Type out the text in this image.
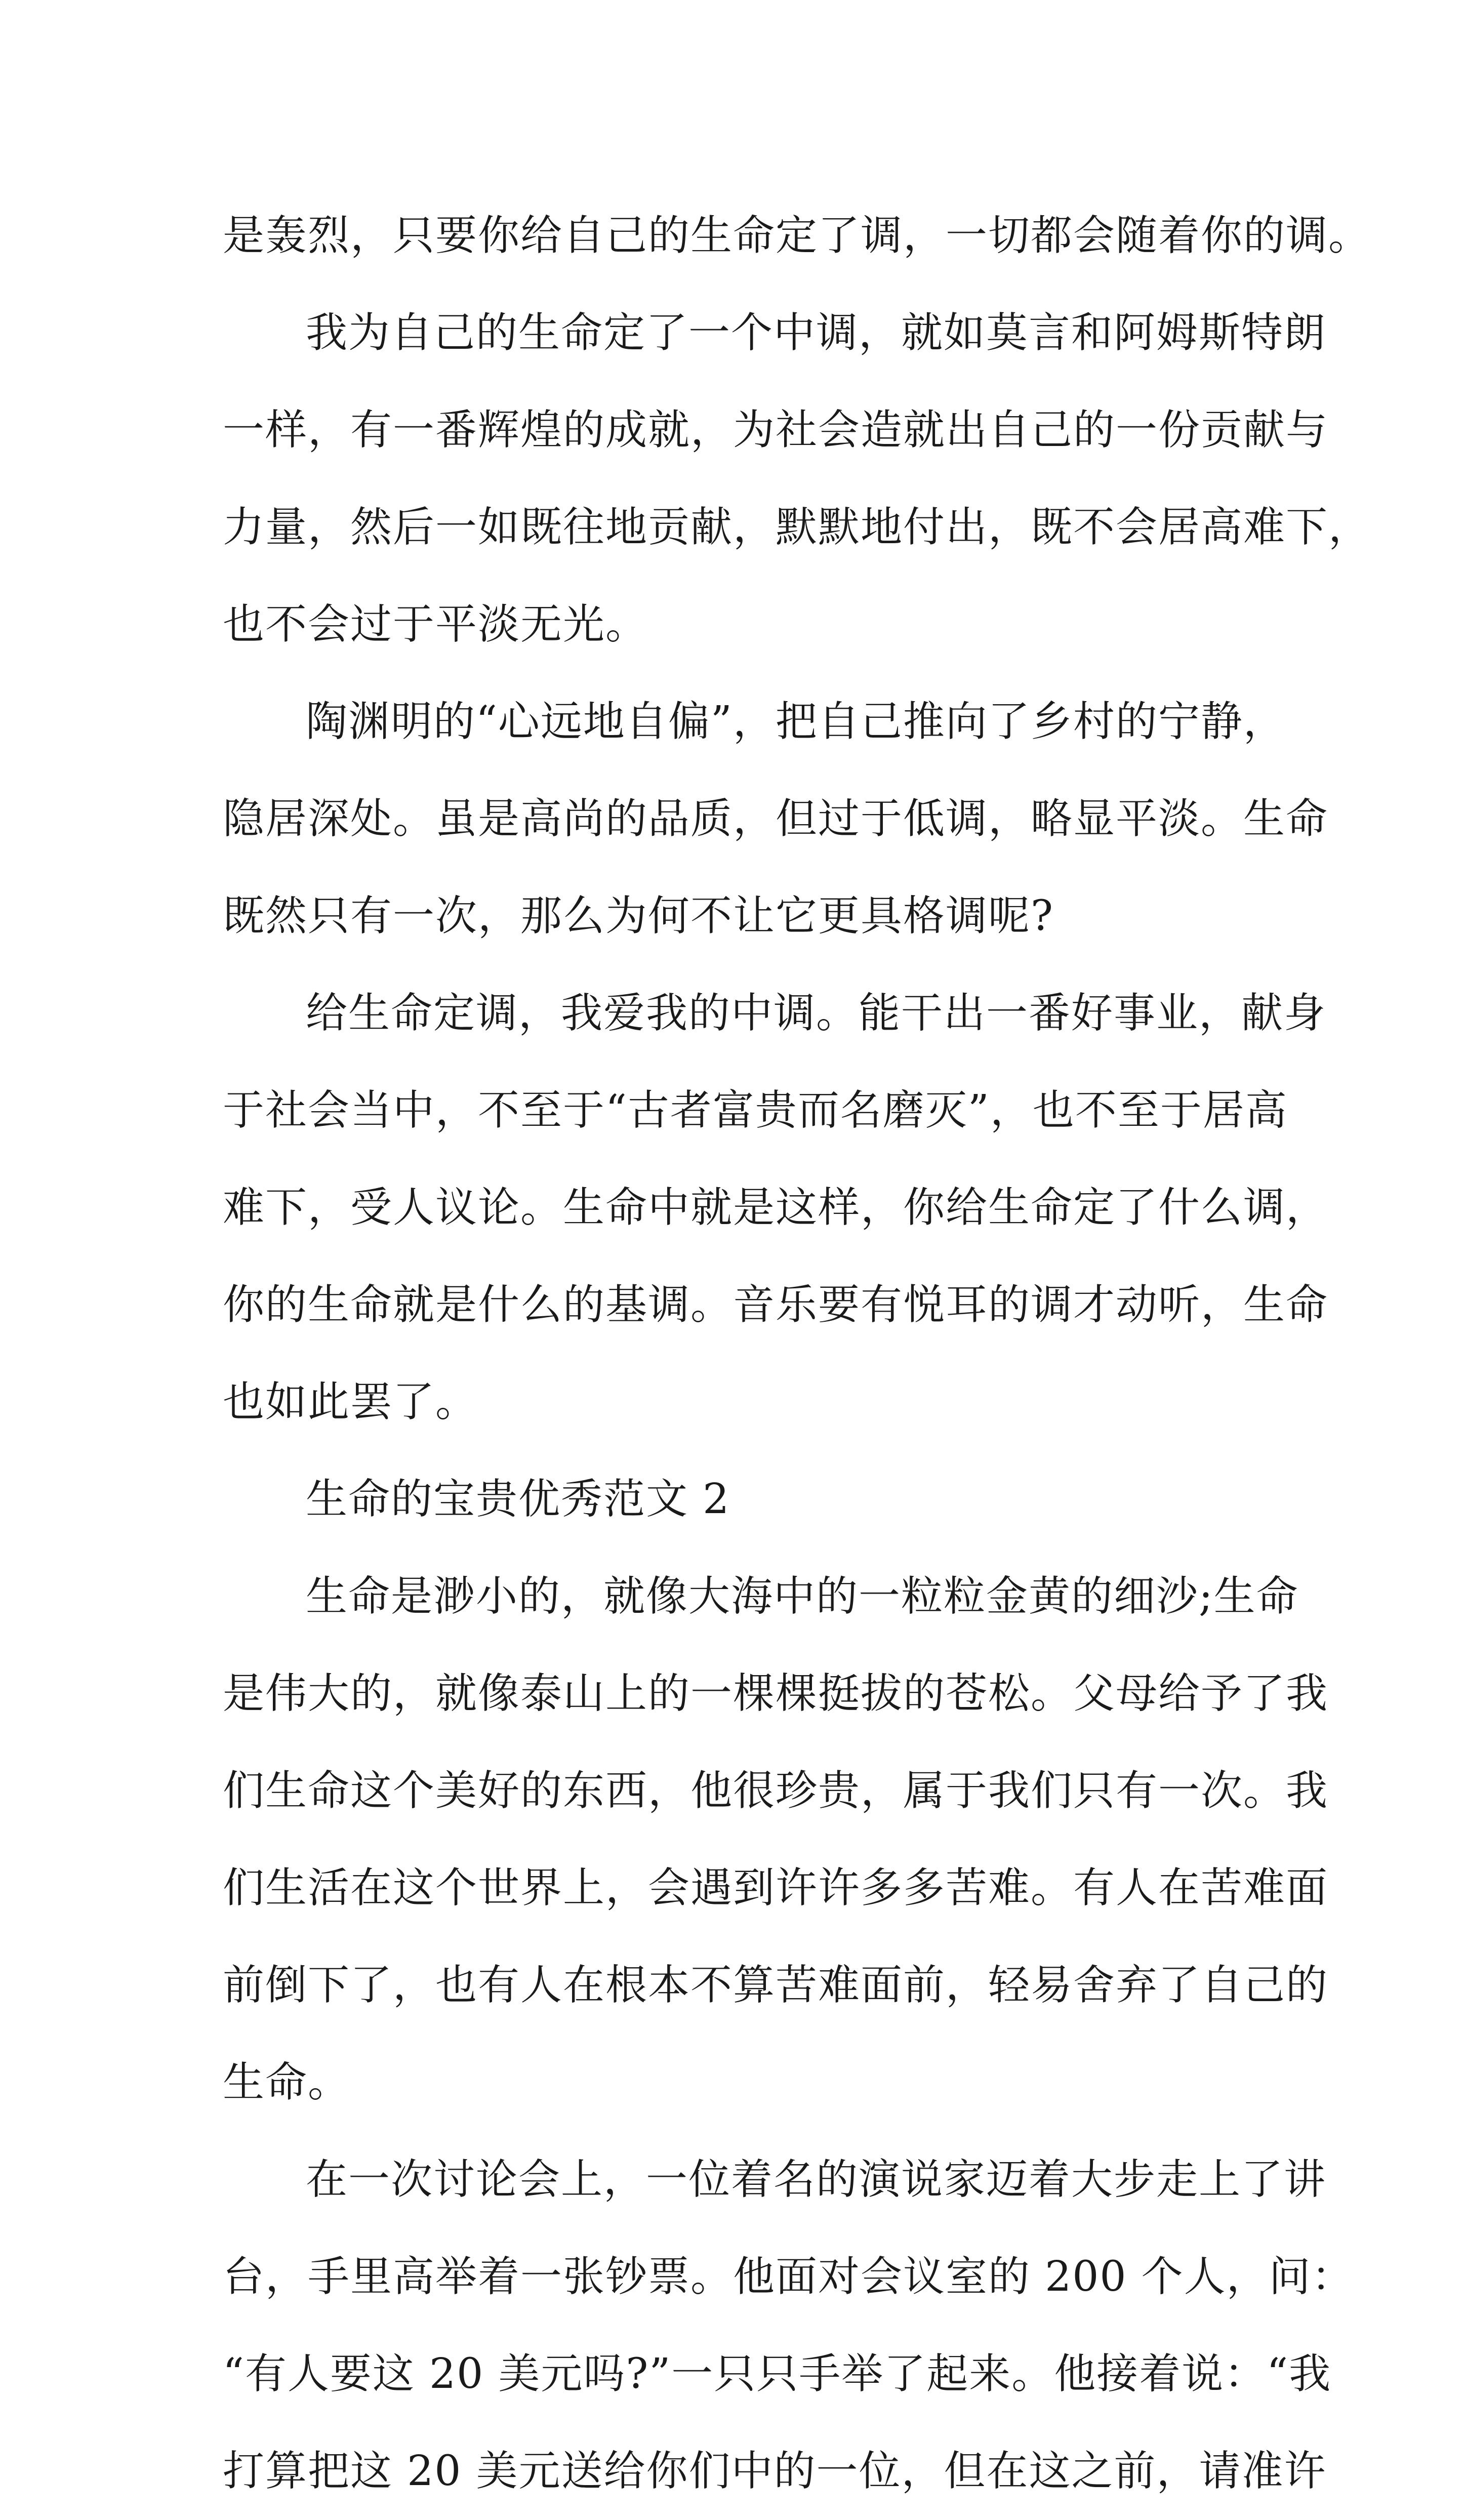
是轰烈，只要你给自己的生命定了调，一切都会随着你的调。
我为自己的生命定了一个中调，就如莫言和阿姆斯特朗
一样，有一番辉煌的成就，为社会造就出自己的一份贡献与
力量，然后一如既往地贡献，默默地付出，既不会居高难下，
也不会过于平淡无光。
陶渊明的“心远地自偏”，把自己推向了乡村的宁静，
隐居深处。虽是高尚的品质，但过于低调，略显平淡。生命
既然只有一次，那么为何不让它更具格调呢?
给生命定调，我爱我的中调。能干出一番好事业，献身
于社会当中，不至于“古者富贵而名磨灭”，也不至于居高
难下，受人议论。生命中就是这样，你给生命定了什么调，
你的生命就是什么的基调。音乐要有悦耳的调才动听，生命
也如此罢了。
生命的宝贵优秀范文 2
生命是渺小的，就像大海中的一粒粒金黄的细沙;生命
是伟大的，就像泰山上的一棵棵挺拔的苍松。父母给予了我
们生命这个美好的东西，他很珍贵，属于我们只有一次。我
们生活在这个世界上，会遇到许许多多苦难。有人在苦难面
前倒下了，也有人在根本不算苦难面前，轻易舍弃了自己的
生命。
在一次讨论会上，一位着名的演说家迈着大步走上了讲
台，手里高举着一张钞票。他面对会议室的 200 个人，问：
“有人要这 20 美元吗?”一只只手举了起来。他接着说：“我
打算把这 20 美元送给你们中的一位，但在这之前，请准许
